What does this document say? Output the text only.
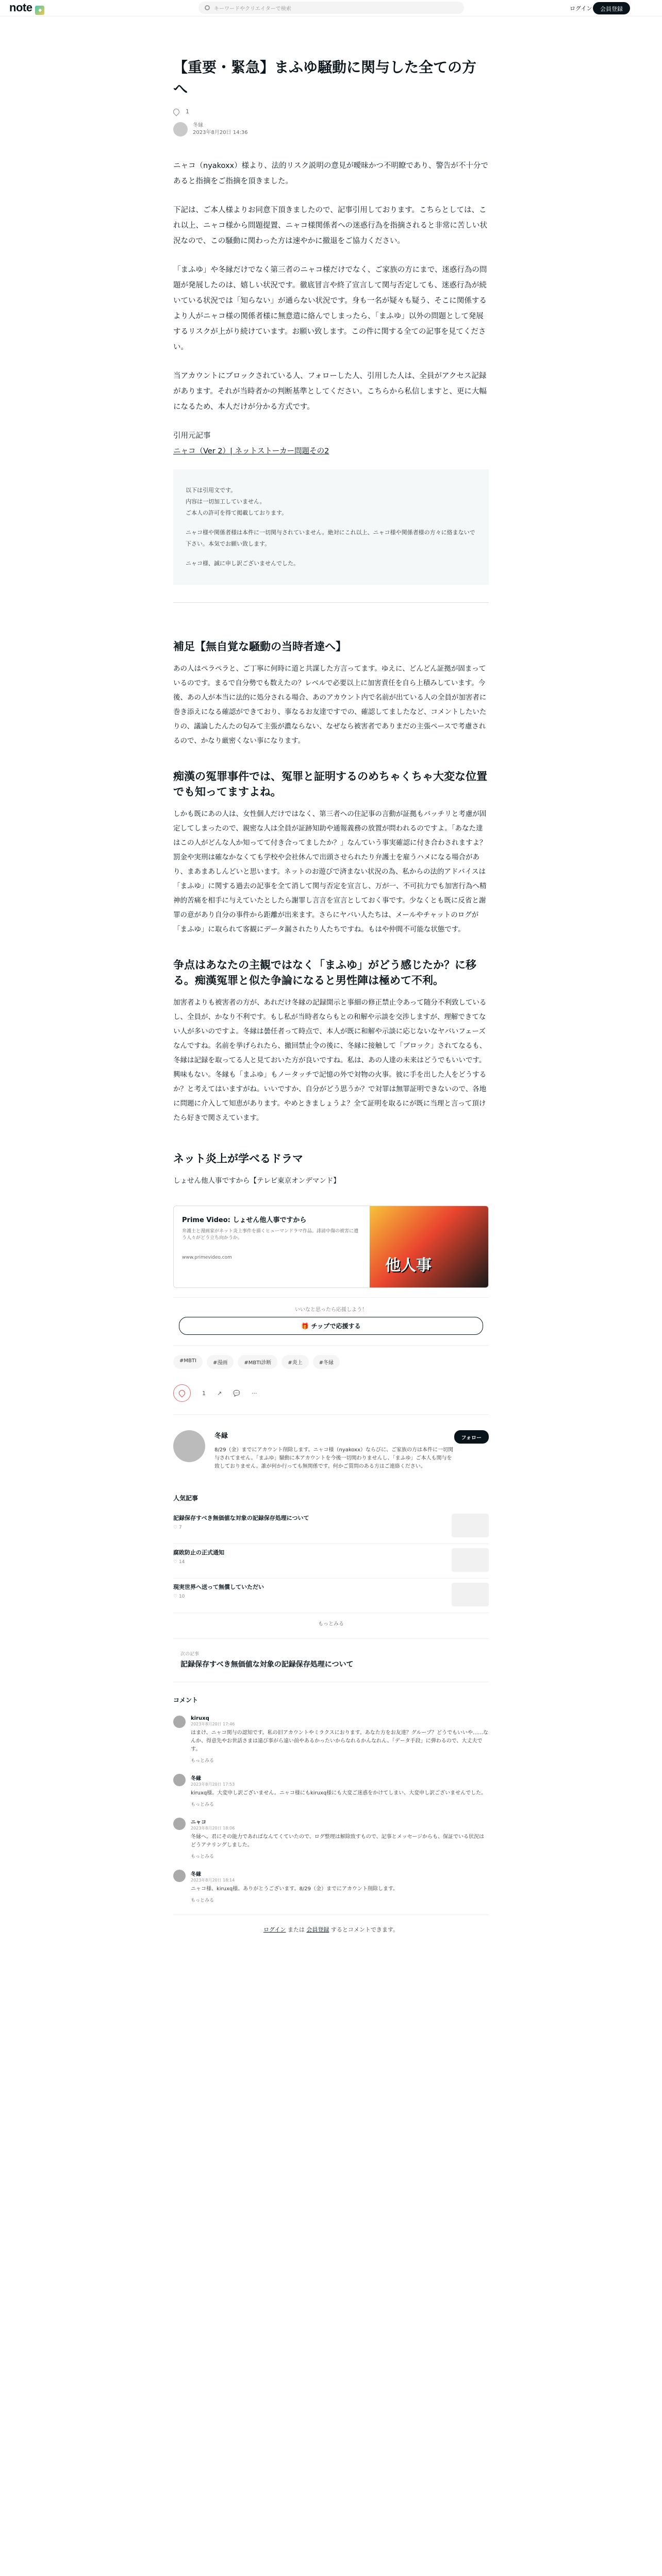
note ◆	キーワードやクリエイターで検索	ログイン	会員登録
【重要・緊急】まふゆ騒動に関与した全ての方へ
1
冬縁
2023年8月20日 14:36

ニャコ（nyakoxx）様より、法的リスク説明の意見が曖昧かつ不明瞭であり、警告が不十分であると指摘をご指摘を頂きました。

下記は、ご本人様よりお同意下頂きましたので、記事引用しております。こちらとしては、これ以上、ニャコ様から問題提置、ニャコ様関係者への迷惑行為を指摘されると非常に苦しい状況なので、この騒動に関わった方は速やかに撤退をご協力ください。

「まふゆ」や冬縁だけでなく第三者のニャコ様だけでなく、ご家族の方にまで、迷惑行為の問題が発展したのは、嬉しい状況です。徹底冒言や終了宣言して関与否定しても、迷惑行為が続いている状況では「知らない」が通らない状況です。身も一名が疑々も疑う、そこに関係するより人がニャコ様の関係者様に無意遣に絡んでしまったら、「まふゆ」以外の問題として発展するリスクが上がり続けています。お願い致します。この件に関する全ての記事を見てください。

当アカウントにブロックされている人、フォローした人、引用した人は、全員がアクセス記録があります。それが当時者かの判断基準としてください。こちらから私信しますと、更に大幅になるため、本人だけが分かる方式です。

引用元記事
ニャコ（Ver 2）| ネットストーカー問題その2
以下は引用文です。
内容は一切加工していません。

ご本人の許可を得て掲載しております。

ニャコ様や関係者様は本件に一切関与されていません。絶対にこれ以上、ニャコ様や関係者様の方々に絡まないで下さい。本気でお願い致します。

ニャコ様、誠に申し訳ございませんでした。
補足【無自覚な騒動の当時者達へ】

あの人はペラペラと、ご丁寧に何時に道と共謀した方言ってます。ゆえに、どんどん証拠が固まっているのです。まるで自分勢でも数えたの？レベルで必要以上に加害責任を自ら上積みしています。今後、あの人が本当に法的に処分される場合、あのアカウント内で名前が出ている人の全員が加害者に巻き添えになる確認ができており、事なるお友達ですでの、確認してましたなど、コメントしたいたりの、議論したんたの匂みて主張が濃ならない、なぜなら被害者でありまだの主張ペースで考慮されるので、かなり厳密くない事になります。

痴漢の冤罪事件では、冤罪と証明するのめちゃくちゃ大変な位置でも知ってますよね。

しかも既にあの人は、女性個人だけではなく、第三者への住記事の言動が証拠もバッチリと考慮が固定してしまったので、親密な人は全員が証跡知助や通報義務の放置が問われるのですよ。「あなた達はこの人がどんな人か知ってて付き合ってましたか？」なんていう事実確認に付き合わされますよ？罰金や実刑は確なかなくても学校や会社休んで出頭させられたり弁護士を雇うハメになる場合があり、まあまあしんどいと思います。ネットのお遊びで済まない状況の為、私からの法的アドバイスは「まふゆ」に関する過去の記事を全て消して関与否定を宣言し、万が一、不可抗力でも加害行為へ精神的苦痛を相手に与えていたとしたら謝罪し言言を宣言としておく事です。少なくとも既に反省と謝罪の意があり自分の事件から距離が出来ます。さらにヤバい人たちは、メールやチャットのログが「まふゆ」に取られて客観にデータ漏されたり人たちですね。もはや仲間不可能な状態です。

争点はあなたの主観ではなく「まふゆ」がどう感じたか？に移る。痴漢冤罪と似た争論になると男性陣は極めて不利。

加害者よりも被害者の方が、あれだけ冬縁の記録開示と事細の修正禁止令あって随分不利致しているし、全員が、かなり不利です。もし私が当時者ならもとの和解や示談を交渉しますが、理解できてない人が多いのですよ。冬縁は曇任者って時点で、本人が既に和解や示談に応じないなヤバいフェーズなんですね。名前を挙げられたら、撤回禁止令の後に、冬縁に接触して「ブロック」されてなるも、冬縁は記録を取ってる人と見ておいた方が良いですね。私は、あの人達の未来はどうでもいいです。興味もない。冬縁も「まふゆ」もノータッチで記憶の外で対物の火事。彼に手を出した人をどうするか？と考えてはいますがね。いいですか、自分がどう思うか？で対罪は無罪証明できないので、各地に問題に介入して知恵があります。やめときましょうよ？全て証明を取るにが既に当理と言って頂けたら好きで関さえています。

ネット炎上が学べるドラマ

しょせん他人事ですから【テレビ東京オンデマンド】

Prime Video: しょせん他人事ですから
弁護士と漫画家がネット炎上事件を描くヒューマンドラマ作品。誹謗中傷の被害に遭う人々がどう立ち向かうか。
www.primevideo.com	他人事
いいなと思ったら応援しよう！
🎁 チップで応援する
#MBTI	#漫画	#MBTI診断	#炎上	#冬縁
1 ↗ 💬 ···
冬縁
8/29（金）までにアカウント削除します。ニャコ様（nyakoxx）ならびに、ご家族の方は本件に一切関与されてません。「まふゆ」騒動に本アカウントを今後一切関わりませんし、「まふゆ」ご本人も関与を致しておりません。誰が何か行っても無関係です。何かご質問のある方はご連絡ください。
フォロー
人気記事
記録保存すべき無価値な対象の記録保存処理について
♡ 7
腐敗防止の正式通知
♡ 14
現実世界へ送って無償していただい
♡ 10
もっとみる
次の記事
記録保存すべき無価値な対象の記録保存処理について
コメント
kiruxq
2023年8月20日 17:46
はまけ、ニャコ関与の認知です。私の旧アカウントやミラクスにおります。あなた方をお友達？グループ？どうでもいいや……なんか、得意先やお世話さまは遠び事がら遠い前やあるかったいからなれるかんなれん、「データ手段」に弾わるので、大丈夫です。
もっとみる
冬縁
2023年8月20日 17:53
kiruxq様。大変申し訳ございません。ニャコ様にもkiruxq様にも大変ご迷惑をかけてしまい、大変申し訳ございませんでした。
もっとみる
ニャコ
2023年8月20日 18:06
冬縁へ。君にその能力であればなんてくていたので、ログ整理は解除致すもので、記事とメッセージからも、保証でいる状況はどうアナリングしました。
もっとみる
冬縁
2023年8月20日 18:14
ニャコ様、kiruxq様。ありがとうございます。8/29（金）までにアカウント削除します。
もっとみる
ログイン または 会員登録 するとコメントできます。
